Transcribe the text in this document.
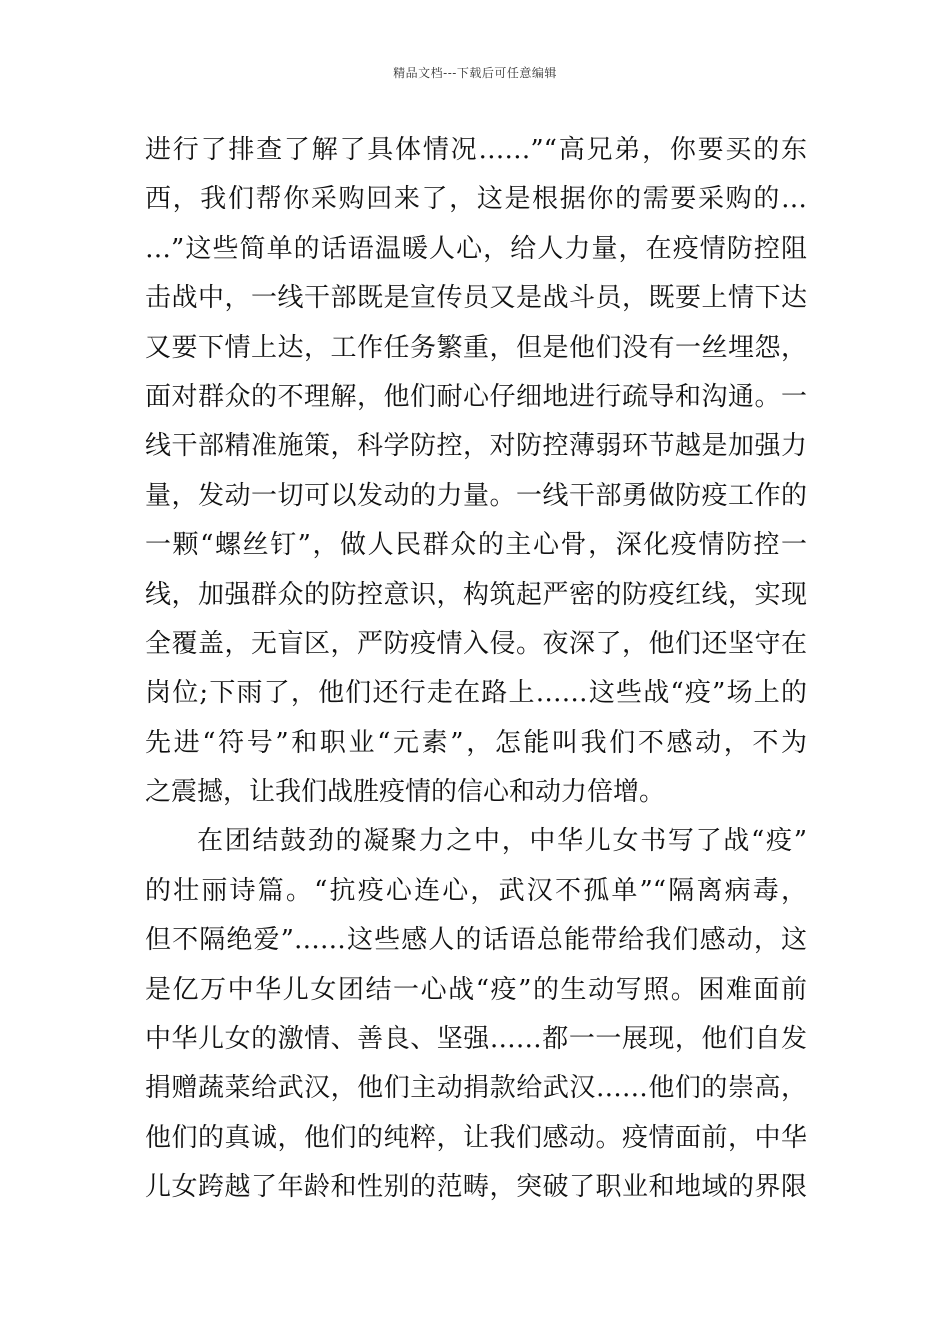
精品文档---下载后可任意编辑
进行了排查了解了具体情况……”“高兄弟，你要买的东
西，我们帮你采购回来了，这是根据你的需要采购的…
…”这些简单的话语温暖人心，给人力量，在疫情防控阻
击战中，一线干部既是宣传员又是战斗员，既要上情下达
又要下情上达，工作任务繁重，但是他们没有一丝埋怨，
面对群众的不理解，他们耐心仔细地进行疏导和沟通。一
线干部精准施策，科学防控，对防控薄弱环节越是加强力
量，发动一切可以发动的力量。一线干部勇做防疫工作的
一颗“螺丝钉”，做人民群众的主心骨，深化疫情防控一
线，加强群众的防控意识，构筑起严密的防疫红线，实现
全覆盖，无盲区，严防疫情入侵。夜深了，他们还坚守在
岗位;下雨了，他们还行走在路上……这些战“疫”场上的
先进“符号”和职业“元素”，怎能叫我们不感动，不为
之震撼，让我们战胜疫情的信心和动力倍增。
在团结鼓劲的凝聚力之中，中华儿女书写了战“疫”
的壮丽诗篇。“抗疫心连心，武汉不孤单”“隔离病毒，
但不隔绝爱”……这些感人的话语总能带给我们感动，这
是亿万中华儿女团结一心战“疫”的生动写照。困难面前
中华儿女的激情、善良、坚强……都一一展现，他们自发
捐赠蔬菜给武汉，他们主动捐款给武汉……他们的崇高，
他们的真诚，他们的纯粹，让我们感动。疫情面前，中华
儿女跨越了年龄和性别的范畴，突破了职业和地域的界限
